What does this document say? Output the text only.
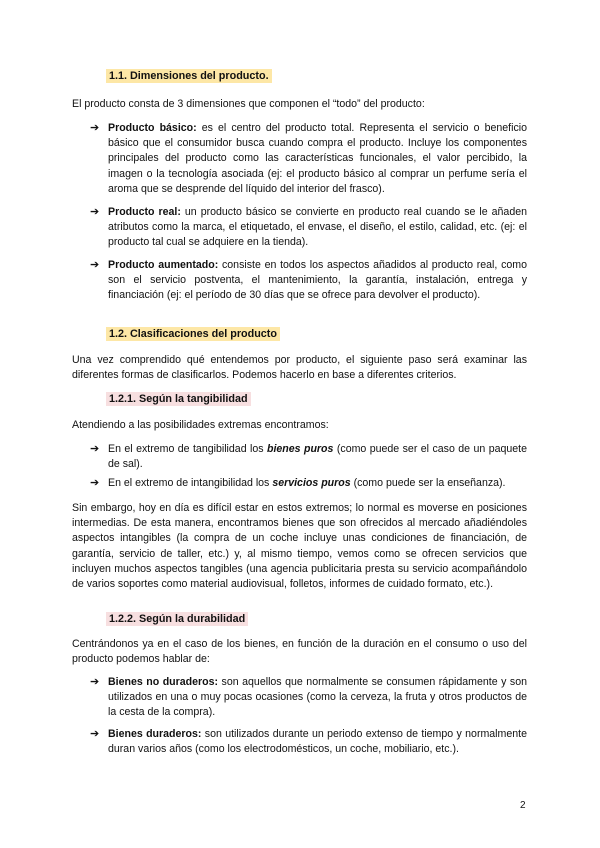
1.1. Dimensiones del producto.

El producto consta de 3 dimensiones que componen el “todo” del producto:

➔ Producto básico: es el centro del producto total. Representa el servicio o beneficio básico que el consumidor busca cuando compra el producto. Incluye los componentes principales del producto como las características funcionales, el valor percibido, la imagen o la tecnología asociada (ej: el producto básico al comprar un perfume sería el aroma que se desprende del líquido del interior del frasco).
➔ Producto real: un producto básico se convierte en producto real cuando se le añaden atributos como la marca, el etiquetado, el envase, el diseño, el estilo, calidad, etc. (ej: el producto tal cual se adquiere en la tienda).
➔ Producto aumentado: consiste en todos los aspectos añadidos al producto real, como son el servicio postventa, el mantenimiento, la garantía, instalación, entrega y financiación (ej: el período de 30 días que se ofrece para devolver el producto).
1.2. Clasificaciones del producto

Una vez comprendido qué entendemos por producto, el siguiente paso será examinar las diferentes formas de clasificarlos. Podemos hacerlo en base a diferentes criterios.

1.2.1. Según la tangibilidad

Atendiendo a las posibilidades extremas encontramos:

➔ En el extremo de tangibilidad los bienes puros (como puede ser el caso de un paquete de sal).
➔ En el extremo de intangibilidad los servicios puros (como puede ser la enseñanza).

Sin embargo, hoy en día es difícil estar en estos extremos; lo normal es moverse en posiciones intermedias. De esta manera, encontramos bienes que son ofrecidos al mercado añadiéndoles aspectos intangibles (la compra de un coche incluye unas condiciones de financiación, de garantía, servicio de taller, etc.) y, al mismo tiempo, vemos como se ofrecen servicios que incluyen muchos aspectos tangibles (una agencia publicitaria presta su servicio acompañándolo de varios soportes como material audiovisual, folletos, informes de cuidado formato, etc.).

1.2.2. Según la durabilidad

Centrándonos ya en el caso de los bienes, en función de la duración en el consumo o uso del producto podemos hablar de:

➔ Bienes no duraderos: son aquellos que normalmente se consumen rápidamente y son utilizados en una o muy pocas ocasiones (como la cerveza, la fruta y otros productos de la cesta de la compra).
➔ Bienes duraderos: son utilizados durante un periodo extenso de tiempo y normalmente duran varios años (como los electrodomésticos, un coche, mobiliario, etc.).
2
